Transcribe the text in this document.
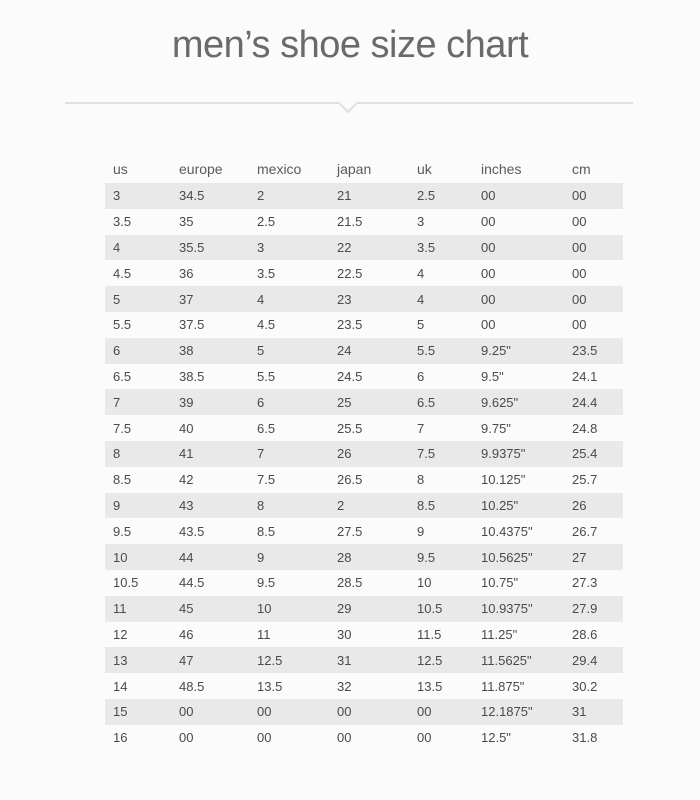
men’s shoe size chart
us	europe	mexico	japan	uk	inches	cm
3	34.5	2	21	2.5	00	00
3.5	35	2.5	21.5	3	00	00
4	35.5	3	22	3.5	00	00
4.5	36	3.5	22.5	4	00	00
5	37	4	23	4	00	00
5.5	37.5	4.5	23.5	5	00	00
6	38	5	24	5.5	9.25"	23.5
6.5	38.5	5.5	24.5	6	9.5"	24.1
7	39	6	25	6.5	9.625"	24.4
7.5	40	6.5	25.5	7	9.75"	24.8
8	41	7	26	7.5	9.9375"	25.4
8.5	42	7.5	26.5	8	10.125"	25.7
9	43	8	2	8.5	10.25"	26
9.5	43.5	8.5	27.5	9	10.4375"	26.7
10	44	9	28	9.5	10.5625"	27
10.5	44.5	9.5	28.5	10	10.75"	27.3
11	45	10	29	10.5	10.9375"	27.9
12	46	11	30	11.5	11.25"	28.6
13	47	12.5	31	12.5	11.5625"	29.4
14	48.5	13.5	32	13.5	11.875"	30.2
15	00	00	00	00	12.1875"	31
16	00	00	00	00	12.5"	31.8
